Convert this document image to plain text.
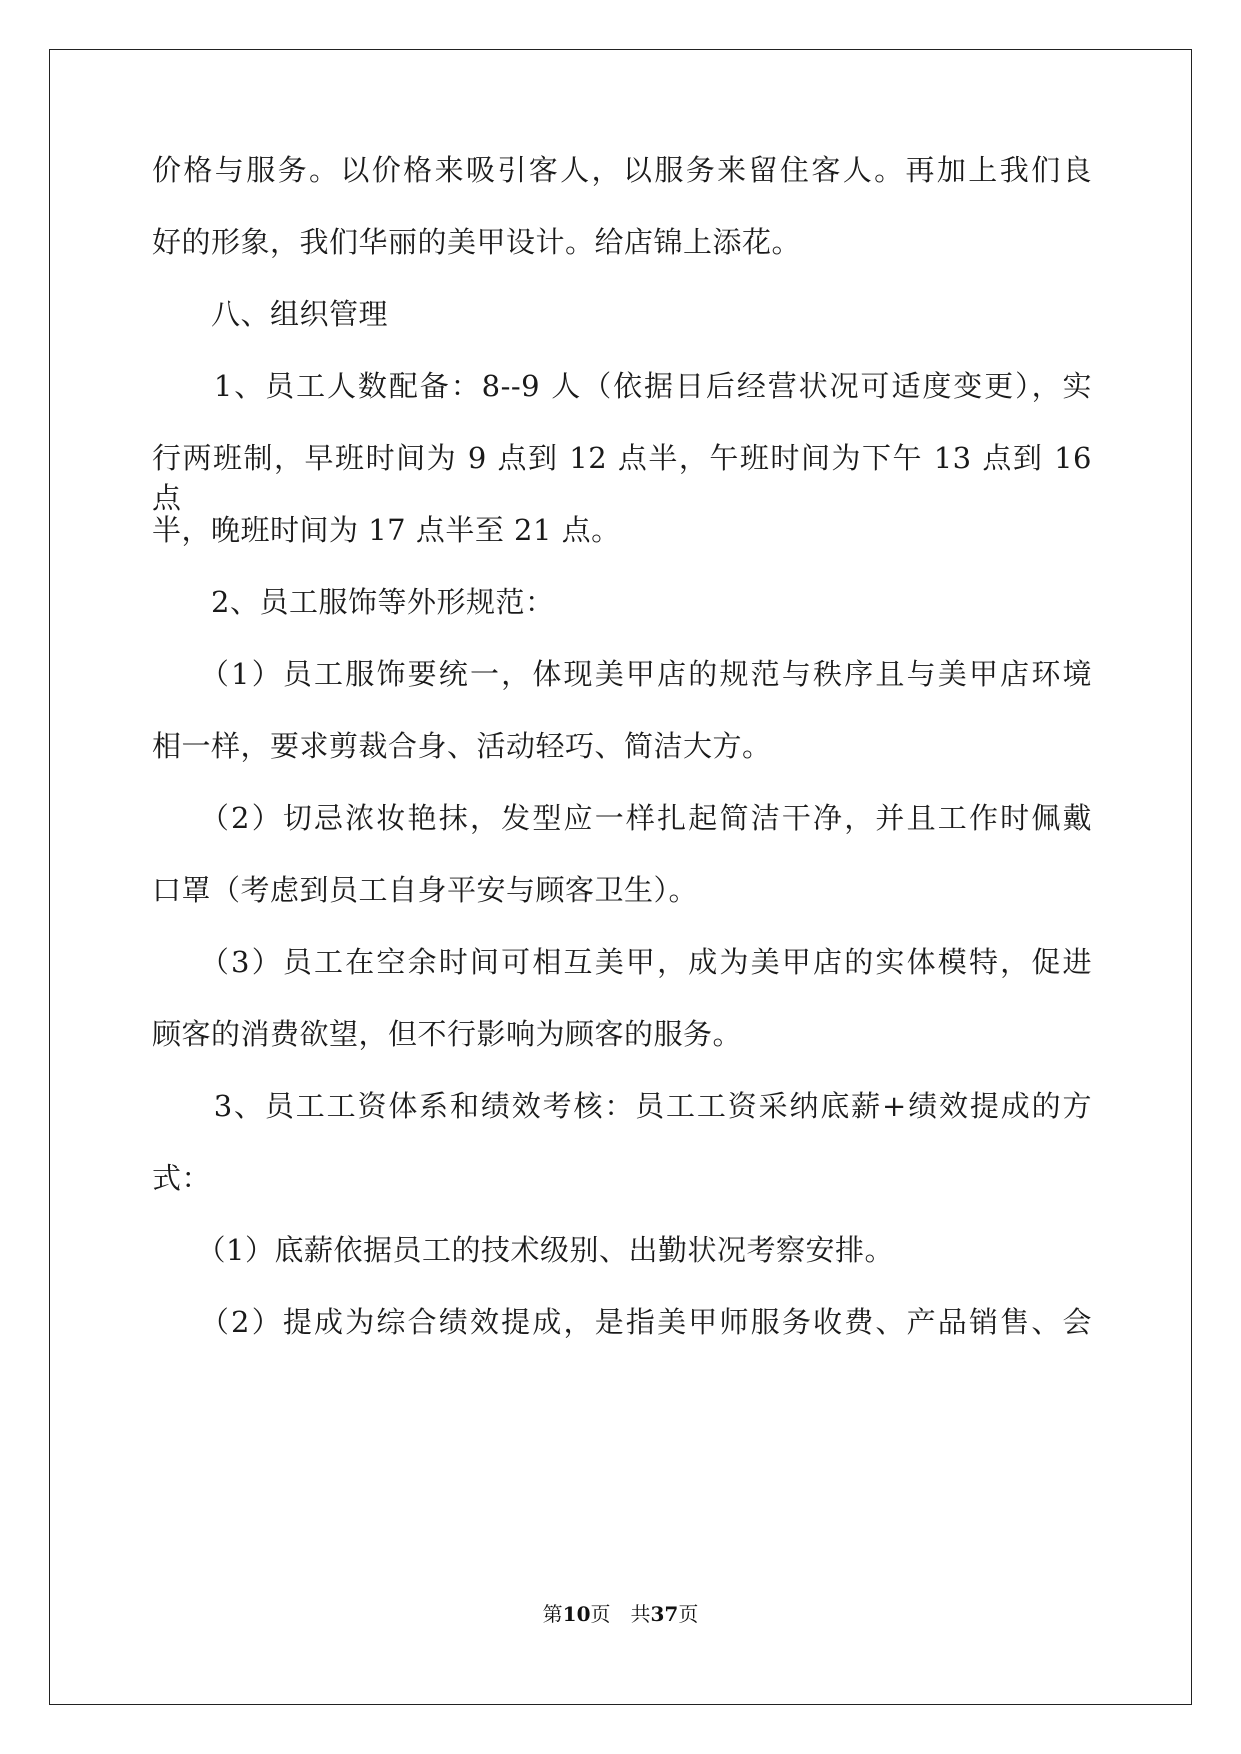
价格与服务。以价格来吸引客人，以服务来留住客人。再加上我们良
好的形象，我们华丽的美甲设计。给店锦上添花。
　　八、组织管理
　　1、员工人数配备：8--9 人（依据日后经营状况可适度变更），实
行两班制，早班时间为 9 点到 12 点半，午班时间为下午 13 点到 16 点
半，晚班时间为 17 点半至 21 点。
　　2、员工服饰等外形规范：
　　（1）员工服饰要统一，体现美甲店的规范与秩序且与美甲店环境
相一样，要求剪裁合身、活动轻巧、简洁大方。
　　（2）切忌浓妆艳抹，发型应一样扎起简洁干净，并且工作时佩戴
口罩（考虑到员工自身平安与顾客卫生）。
　　（3）员工在空余时间可相互美甲，成为美甲店的实体模特，促进
顾客的消费欲望，但不行影响为顾客的服务。
　　3、员工工资体系和绩效考核：员工工资采纳底薪+绩效提成的方
式：
　　（1）底薪依据员工的技术级别、出勤状况考察安排。
　　（2）提成为综合绩效提成，是指美甲师服务收费、产品销售、会
第10页　共37页
